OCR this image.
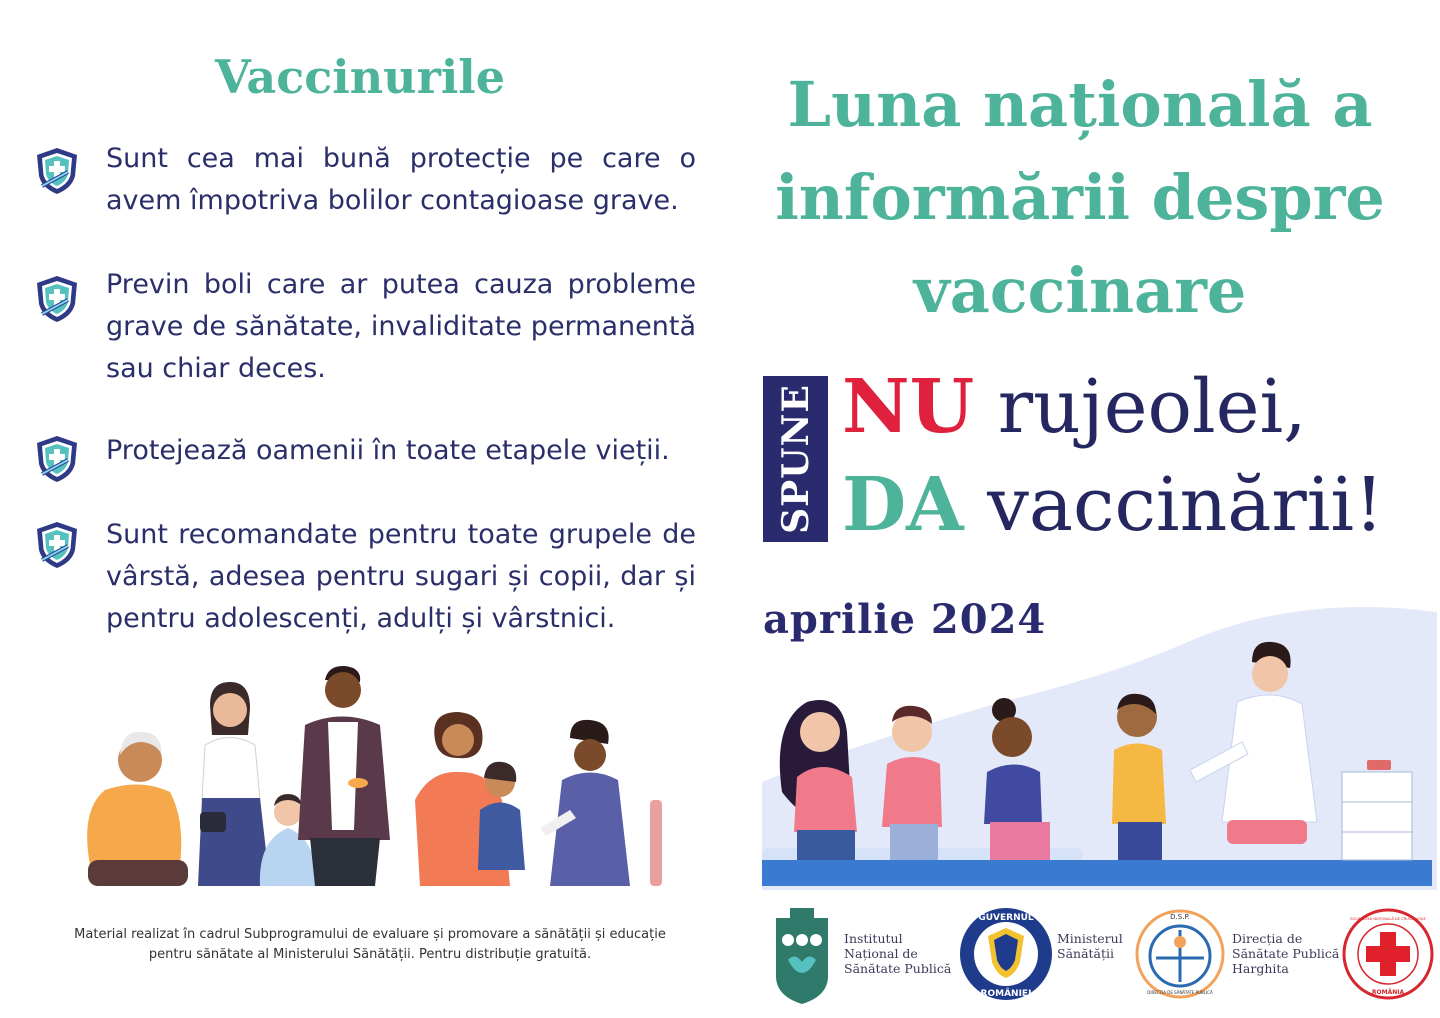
Vaccinurile
Sunt cea mai bună protecție pe care o avem împotriva bolilor contagioase grave.
Previn boli care ar putea cauza probleme grave de sănătate, invaliditate permanentă sau chiar deces.
Protejează oamenii în toate etapele vieții.
Sunt recomandate pentru toate grupele de vârstă, adesea pentru sugari și copii, dar și pentru adolescenți, adulți și vârstnici.
Material realizat în cadrul Subprogramului de evaluare și promovare a sănătății și educație pentru sănătate al Ministerului Sănătății. Pentru distribuție gratuită.
Luna națională a
informării despre
vaccinare
SPUNE NU rujeolei,
DA vaccinării!
aprilie 2024
Institutul
Național de
Sănătate Publică
GUVERNUL
ROMÂNIEI
Ministerul
Sănătății
D.S.P.
DIRECȚIA DE SĂNĂTATE PUBLICĂ
Direcția de
Sănătate Publică
Harghita
SOCIETATEA NAȚIONALĂ DE CRUCE ROȘIE
ROMÂNIA
